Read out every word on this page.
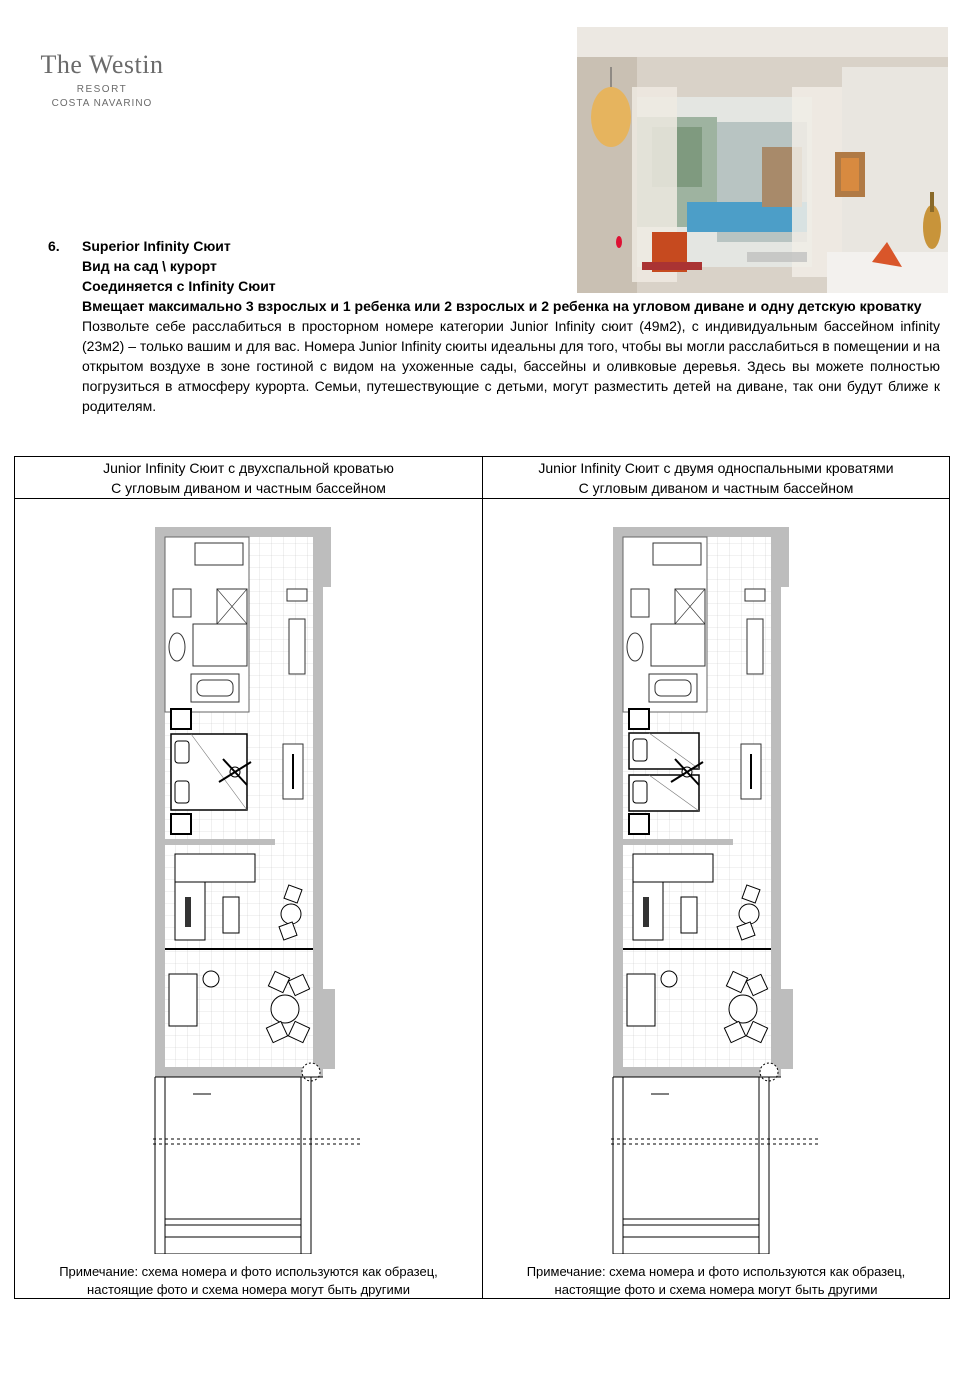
The Westin
RESORT
COSTA NAVARINO
6. Superior Infinity Сюит
Вид на сад \ курорт
Соединяется с Infinity Сюит
Вмещает максимально 3 взрослых и 1 ребенка или 2 взрослых и 2 ребенка на угловом диване и одну детскую кроватку
Позвольте себе расслабиться в просторном номере категории Junior Infinity сюит (49м2), с индивидуальным бассейном infinity (23м2) – только вашим и для вас. Номера Junior Infinity сюиты идеальны для того, чтобы вы могли расслабиться в помещении и на открытом воздухе в зоне гостиной с видом на ухоженные сады, бассейны и оливковые деревья. Здесь вы можете полностью погрузиться в атмосферу курорта. Семьи, путешествующие с детьми, могут разместить детей на диване, так они будут ближе к родителям.
Junior Infinity Сюит с двухспальной кроватью
С угловым диваном и частным бассейном
Примечание: схема номера и фото используются как образец,
настоящие фото и схема номера могут быть другими
Junior Infinity Сюит с двумя односпальными кроватями
С угловым диваном и частным бассейном
Примечание: схема номера и фото используются как образец,
настоящие фото и схема номера могут быть другими
